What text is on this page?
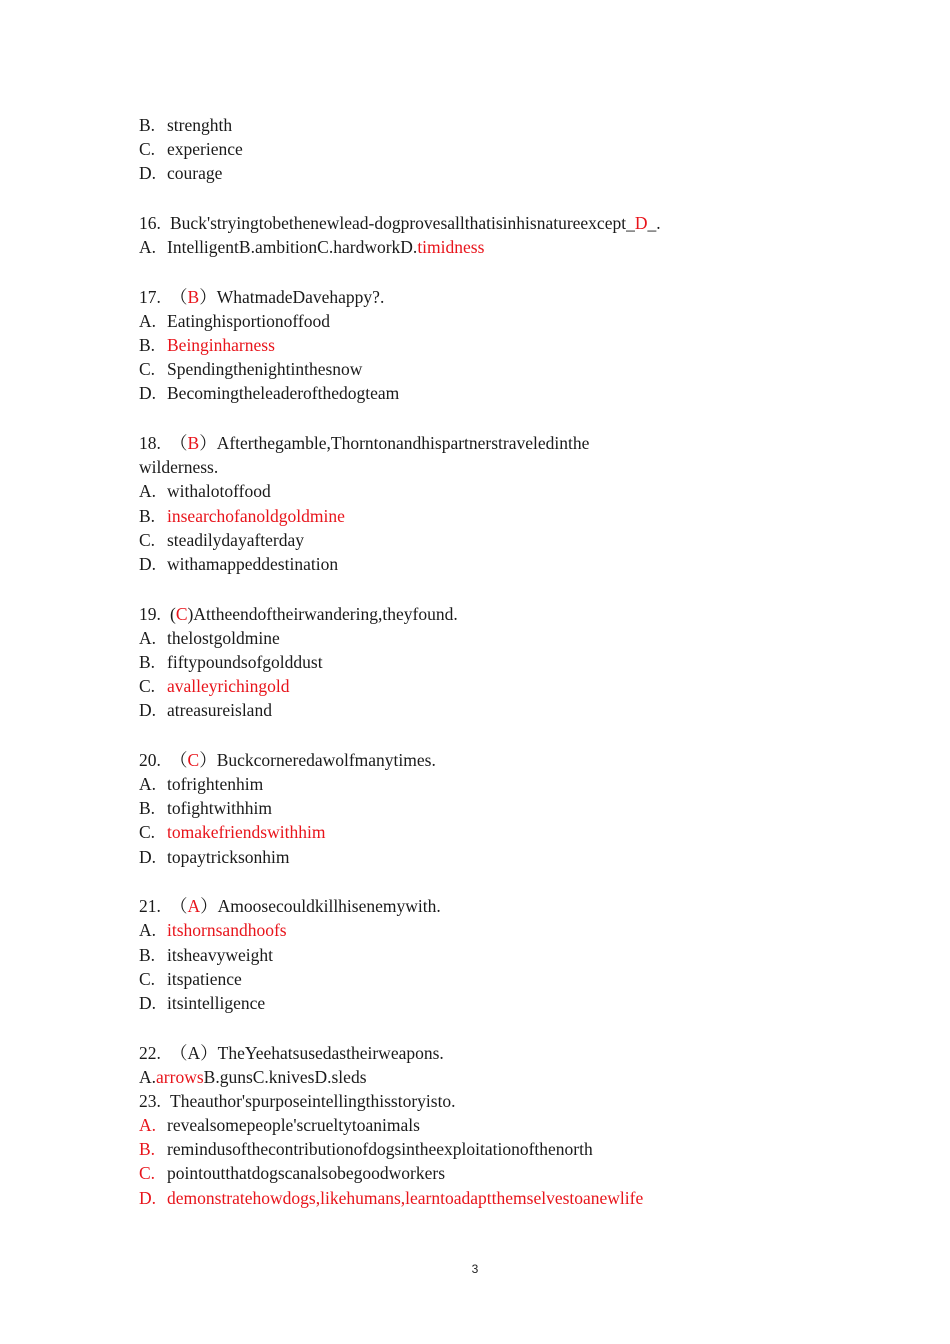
B. strenghth
C. experience
D. courage
16. Buck'stryingtobethenewlead-dogprovesallthatisinhisnatureexcept_D_.
A. IntelligentB.ambitionC.hardworkD.timidness
17. （B）WhatmadeDavehappy?.
A. Eatinghisportionoffood
B. Beinginharness
C. Spendingthenightinthesnow
D. Becomingtheleaderofthedogteam
18. （B）Afterthegamble,Thorntonandhispartnerstraveledinthe
wilderness.
A. withalotoffood
B. insearchofanoldgoldmine
C. steadilydayafterday
D. withamappeddestination
19. (C)Attheendoftheirwandering,theyfound.
A. thelostgoldmine
B. fiftypoundsofgolddust
C. avalleyrichingold
D. atreasureisland
20. （C）Buckcorneredawolfmanytimes.
A. tofrightenhim
B. tofightwithhim
C. tomakefriendswithhim
D. topaytricksonhim
21. （A）Amoosecouldkillhisenemywith.
A. itshornsandhoofs
B. itsheavyweight
C. itspatience
D. itsintelligence
22. （A）TheYeehatsusedastheirweapons.
A.arrowsB.gunsC.knivesD.sleds
23. Theauthor'spurposeintellingthisstoryisto.
A. revealsomepeople'scrueltytoanimals
B. remindusofthecontributionofdogsintheexploitationofthenorth
C. pointoutthatdogscanalsobegoodworkers
D. demonstratehowdogs,likehumans,learntoadaptthemselvestoanewlife
3
